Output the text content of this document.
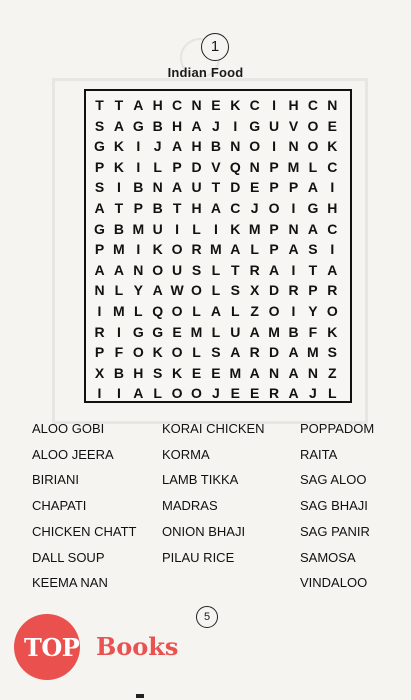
1
Indian Food
T T A H C N E K C I H C N
S A G B H A J I G U V O E
G K I J A H B N O I N O K
P K I L P D V Q N P M L C
S I B N A U T D E P P A I
A T P B T H A C J O I G H
G B M U I L I K M P N A C
P M I K O R M A L P A S I
A A N O U S L T R A I T A
N L Y A W O L S X D R P R
I M L Q O L A L Z O I Y O
R I G G E M L U A M B F K
P F O K O L S A R D A M S
X B H S K E E M A N A N Z
I	I A L O O J E E R A J L
ALOO GOBI
ALOO JEERA
BIRIANI
CHAPATI
CHICKEN CHATT
DALL SOUP
KEEMA NAN
KORAI CHICKEN
KORMA
LAMB TIKKA
MADRAS
ONION BHAJI
PILAU RICE
POPPADOM
RAITA
SAG ALOO
SAG BHAJI
SAG PANIR
SAMOSA
VINDALOO
5
TOP Books
